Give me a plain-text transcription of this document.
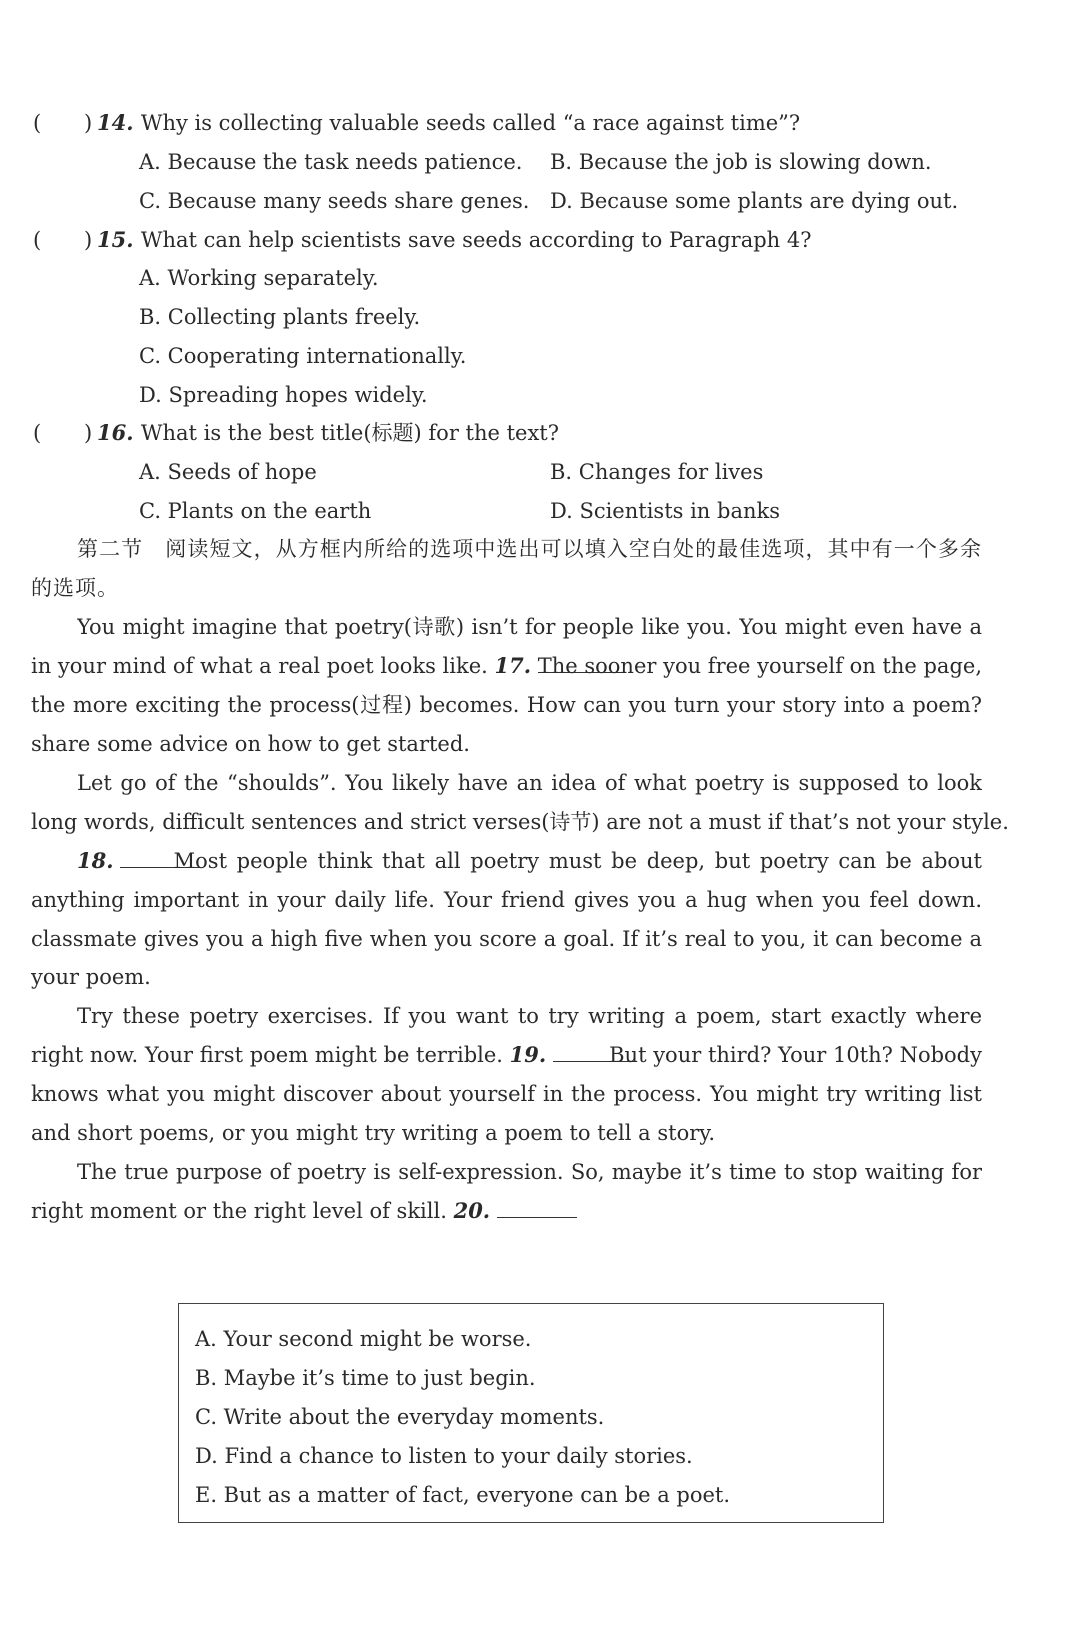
( ) 14. Why is collecting valuable seeds called “a race against time”?
A. Because the task needs patience. B. Because the job is slowing down.
C. Because many seeds share genes. D. Because some plants are dying out.
( ) 15. What can help scientists save seeds according to Paragraph 4?
A. Working separately.
B. Collecting plants freely.
C. Cooperating internationally.
D. Spreading hopes widely.
( ) 16. What is the best title(标题) for the text?
A. Seeds of hope	B. Changes for lives
C. Plants on the earth	D. Scientists in banks
第二节　阅读短文，从方框内所给的选项中选出可以填入空白处的最佳选项，其中有一个多余
的选项。
You might imagine that poetry(诗歌) isn’t for people like you. You might even have a
in your mind of what a real poet looks like. 17. The sooner you free yourself on the page,
the more exciting the process(过程) becomes. How can you turn your story into a poem?
share some advice on how to get started.
Let go of the “shoulds”. You likely have an idea of what poetry is supposed to look
long words, difficult sentences and strict verses(诗节) are not a must if that’s not your style.
18.	Most people think that all poetry must be deep, but poetry can be about
anything important in your daily life. Your friend gives you a hug when you feel down.
classmate gives you a high five when you score a goal. If it’s real to you, it can become a
your poem.
Try these poetry exercises. If you want to try writing a poem, start exactly where
right now. Your first poem might be terrible. 19.	But your third? Your 10th? Nobody
knows what you might discover about yourself in the process. You might try writing list
and short poems, or you might try writing a poem to tell a story.
The true purpose of poetry is self-expression. So, maybe it’s time to stop waiting for
right moment or the right level of skill. 20.
A. Your second might be worse.
B. Maybe it’s time to just begin.
C. Write about the everyday moments.
D. Find a chance to listen to your daily stories.
E. But as a matter of fact, everyone can be a poet.
